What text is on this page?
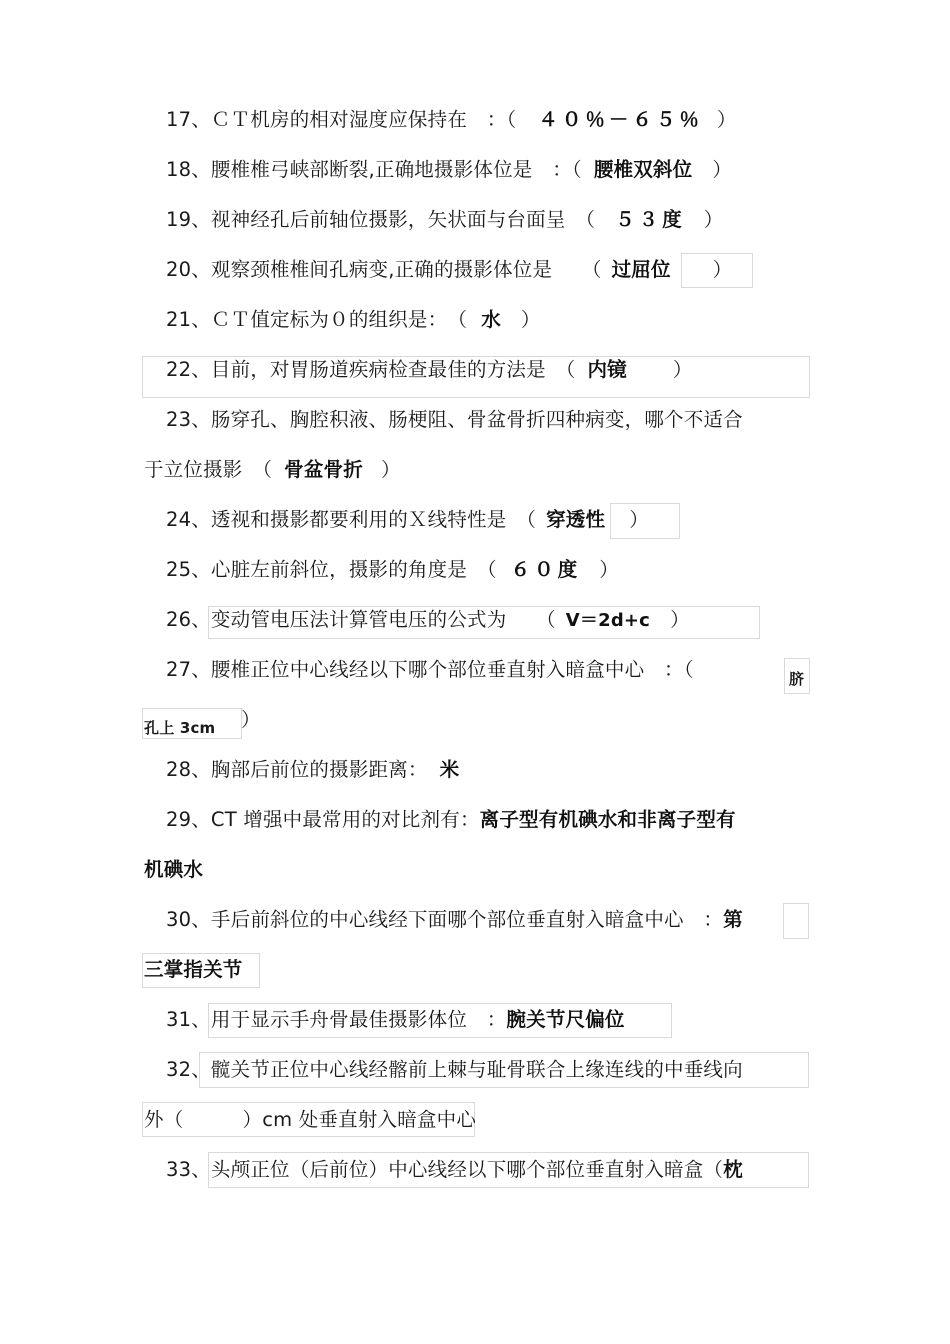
17、ＣＴ机房的相对湿度应保持在　：（ ４０％－６５％ ）
18、腰椎椎弓峡部断裂,正确地摄影体位是　：（ 腰椎双斜位 ）
19、视神经孔后前轴位摄影，矢状面与台面呈　（ ５３度 ）
20、观察颈椎椎间孔病变,正确的摄影体位是　　（ 过屈位 ）
21、ＣＴ值定标为０的组织是：　（ 水 ）
22、目前，对胃肠道疾病检查最佳的方法是　（ 内镜 ）
23、肠穿孔、胸腔积液、肠梗阻、骨盆骨折四种病变，哪个不适合
于立位摄影　（ 骨盆骨折 ）
24、透视和摄影都要利用的Ｘ线特性是　（ 穿透性 ）
25、心脏左前斜位，摄影的角度是　（ ６０度 ）
26、变动管电压法计算管电压的公式为　　（ V＝2d+c ）
27、腰椎正位中心线经以下哪个部位垂直射入暗盒中心　：（	脐
孔上 3cm ）
28、胸部后前位的摄影距离： 米
29、CT 增强中最常用的对比剂有：离子型有机碘水和非离子型有
机碘水
30、手后前斜位的中心线经下面哪个部位垂直射入暗盒中心　：第
三掌指关节
31、用于显示手舟骨最佳摄影体位　：腕关节尺偏位
32、髋关节正位中心线经髂前上棘与耻骨联合上缘连线的中垂线向
外（　　　）cm 处垂直射入暗盒中心
33、头颅正位（后前位）中心线经以下哪个部位垂直射入暗盒（枕
